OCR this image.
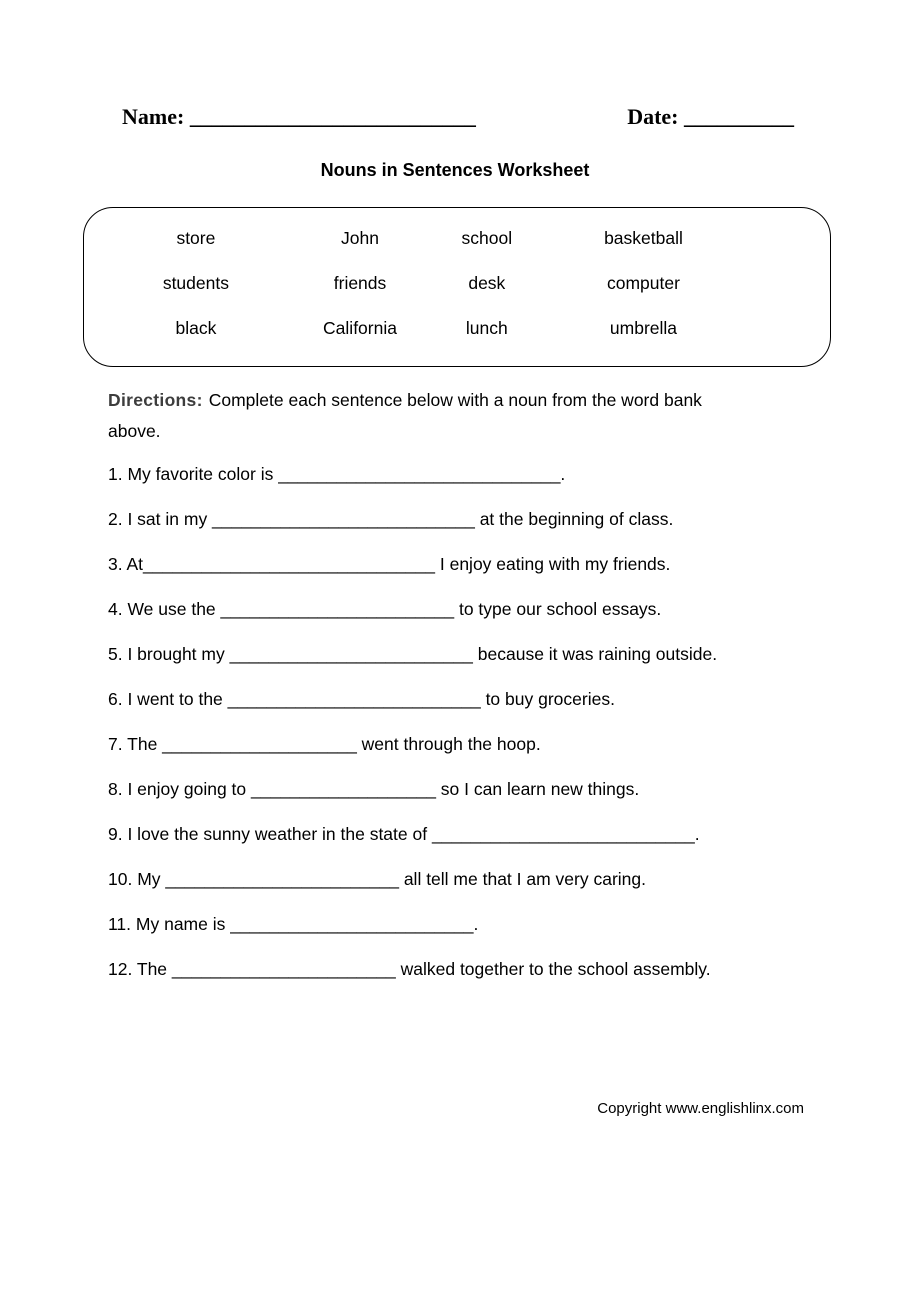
Name: __________________________	Date: __________
Nouns in Sentences Worksheet
store	John	school	basketball
students	friends	desk	computer
black	California	lunch	umbrella
Directions: Complete each sentence below with a noun from the word bank above.
1. My favorite color is _____________________________.
2. I sat in my ___________________________ at the beginning of class.
3. At______________________________ I enjoy eating with my friends.
4. We use the ________________________ to type our school essays.
5. I brought my _________________________ because it was raining outside.
6. I went to the __________________________ to buy groceries.
7. The ____________________ went through the hoop.
8. I enjoy going to ___________________ so I can learn new things.
9. I love the sunny weather in the state of ___________________________.
10. My ________________________ all tell me that I am very caring.
11. My name is _________________________.
12. The _______________________ walked together to the school assembly.
Copyright www.englishlinx.com
